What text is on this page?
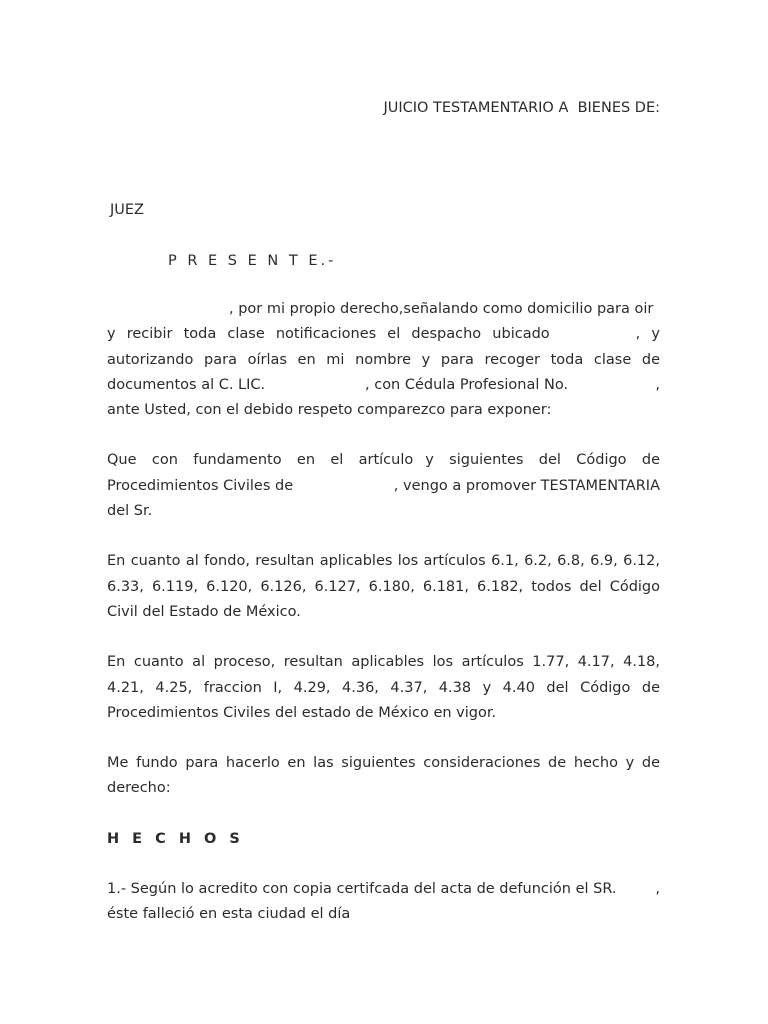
JUICIO TESTAMENTARIO A  BIENES DE:
JUEZ
P R E S E N T E.-
, por mi propio derecho,señalando como domicilio para oir
y recibir toda clase notificaciones el despacho ubicado	, y
autorizando para oírlas en mi nombre y para recoger toda clase de
documentos al C. LIC.	, con Cédula Profesional No.	,

ante Usted, con el debido respeto comparezco para exponer:
Que con fundamento en el artículo y siguientes del Código de
Procedimientos Civiles de	, vengo a promover TESTAMENTARIA

del Sr.
En cuanto al fondo, resultan aplicables los artículos 6.1, 6.2, 6.8, 6.9, 6.12,
6.33, 6.119, 6.120, 6.126, 6.127, 6.180, 6.181, 6.182, todos del Código
Civil del Estado de México.
En cuanto al proceso, resultan aplicables los artículos 1.77, 4.17, 4.18,
4.21, 4.25, fraccion I, 4.29, 4.36, 4.37, 4.38 y 4.40 del Código de
Procedimientos Civiles del estado de México en vigor.
Me fundo para hacerlo en las siguientes consideraciones de hecho y de
derecho:
H E C H O S
1.- Según lo acredito con copia certifcada del acta de defunción el SR.	,

éste falleció en esta ciudad el día
